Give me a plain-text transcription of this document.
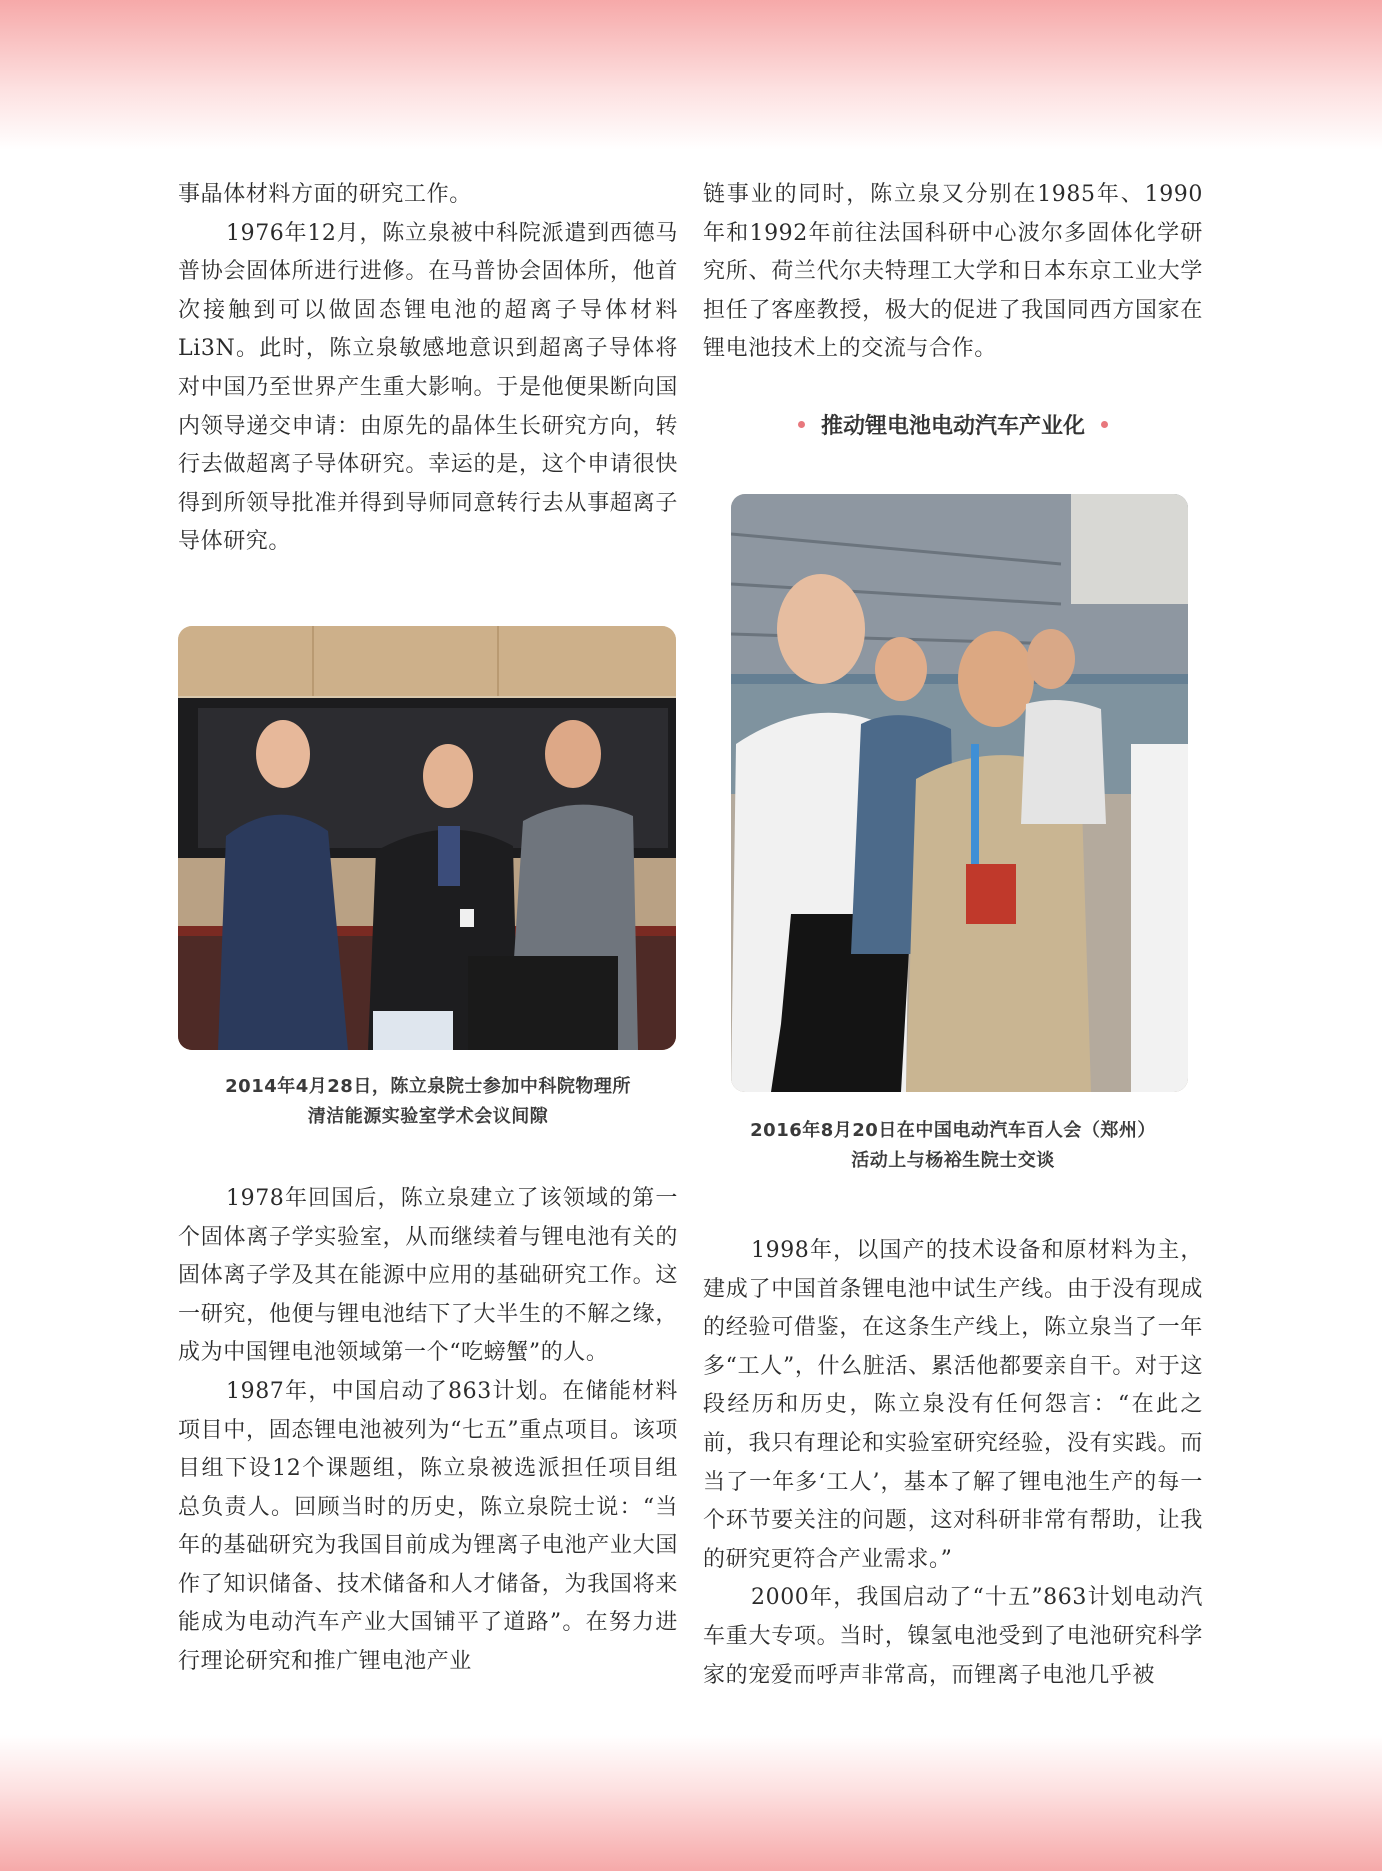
事晶体材料方面的研究工作。

1976年12月，陈立泉被中科院派遣到西德马普协会固体所进行进修。在马普协会固体所，他首次接触到可以做固态锂电池的超离子导体材料Li3N。此时，陈立泉敏感地意识到超离子导体将对中国乃至世界产生重大影响。于是他便果断向国内领导递交申请：由原先的晶体生长研究方向，转行去做超离子导体研究。幸运的是，这个申请很快得到所领导批准并得到导师同意转行去从事超离子导体研究。

2014年4月28日，陈立泉院士参加中科院物理所
清洁能源实验室学术会议间隙

1978年回国后，陈立泉建立了该领域的第一个固体离子学实验室，从而继续着与锂电池有关的固体离子学及其在能源中应用的基础研究工作。这一研究，他便与锂电池结下了大半生的不解之缘，成为中国锂电池领域第一个“吃螃蟹”的人。

1987年，中国启动了863计划。在储能材料项目中，固态锂电池被列为“七五”重点项目。该项目组下设12个课题组，陈立泉被选派担任项目组总负责人。回顾当时的历史，陈立泉院士说：“当年的基础研究为我国目前成为锂离子电池产业大国作了知识储备、技术储备和人才储备，为我国将来能成为电动汽车产业大国铺平了道路”。在努力进行理论研究和推广锂电池产业

链事业的同时，陈立泉又分别在1985年、1990年和1992年前往法国科研中心波尔多固体化学研究所、荷兰代尔夫特理工大学和日本东京工业大学担任了客座教授，极大的促进了我国同西方国家在锂电池技术上的交流与合作。

推动锂电池电动汽车产业化
2016年8月20日在中国电动汽车百人会（郑州）
活动上与杨裕生院士交谈

1998年，以国产的技术设备和原材料为主，建成了中国首条锂电池中试生产线。由于没有现成的经验可借鉴，在这条生产线上，陈立泉当了一年多“工人”，什么脏活、累活他都要亲自干。对于这段经历和历史，陈立泉没有任何怨言：“在此之前，我只有理论和实验室研究经验，没有实践。而当了一年多‘工人’，基本了解了锂电池生产的每一个环节要关注的问题，这对科研非常有帮助，让我的研究更符合产业需求。”

2000年，我国启动了“十五”863计划电动汽车重大专项。当时，镍氢电池受到了电池研究科学家的宠爱而呼声非常高，而锂离子电池几乎被
